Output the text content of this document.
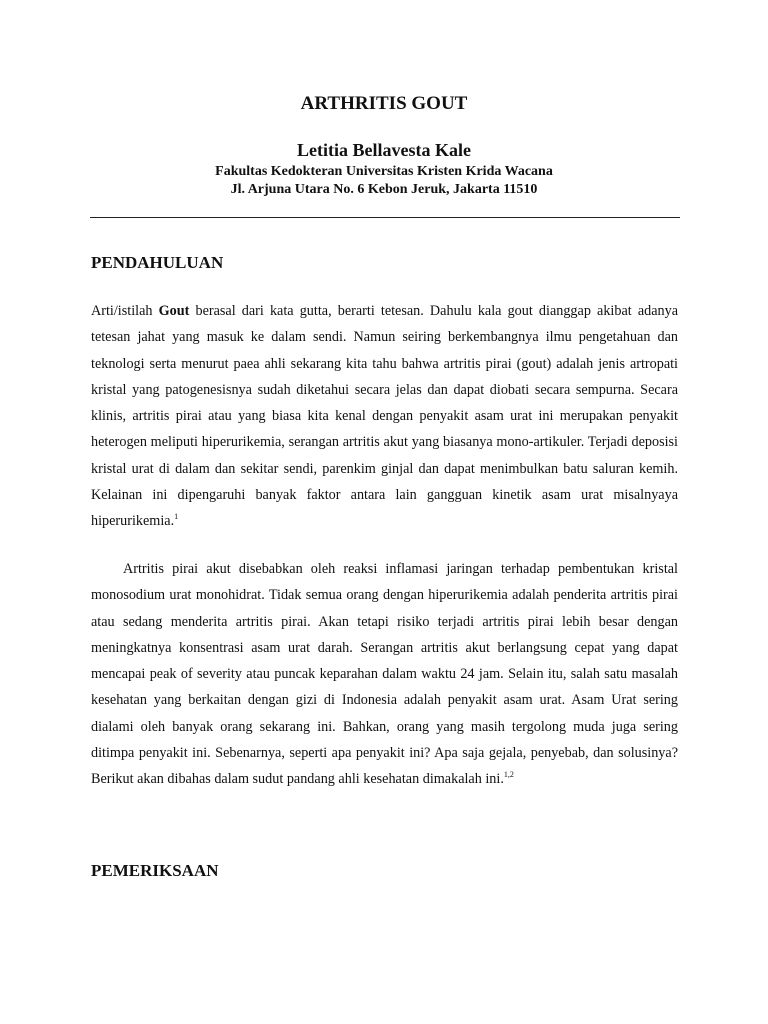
ARTHRITIS GOUT
Letitia Bellavesta Kale

Fakultas Kedokteran Universitas Kristen Krida Wacana

Jl. Arjuna Utara No. 6 Kebon Jeruk, Jakarta 11510

PENDAHULUAN

Arti/istilah Gout berasal dari kata gutta, berarti tetesan. Dahulu kala gout dianggap akibat adanya tetesan jahat yang masuk ke dalam sendi. Namun seiring berkembangnya ilmu pengetahuan dan teknologi serta menurut paea ahli sekarang kita tahu bahwa artritis pirai (gout) adalah jenis artropati kristal yang patogenesisnya sudah diketahui secara jelas dan dapat diobati secara sempurna. Secara klinis, artritis pirai atau yang biasa kita kenal dengan penyakit asam urat ini merupakan penyakit heterogen meliputi hiperurikemia, serangan artritis akut yang biasanya mono-artikuler. Terjadi deposisi kristal urat di dalam dan sekitar sendi, parenkim ginjal dan dapat menimbulkan batu saluran kemih. Kelainan ini dipengaruhi banyak faktor antara lain gangguan kinetik asam urat misalnyaya hiperurikemia.$^1$

Artritis pirai akut disebabkan oleh reaksi inflamasi jaringan terhadap pembentukan kristal monosodium urat monohidrat. Tidak semua orang dengan hiperurikemia adalah penderita artritis pirai atau sedang menderita artritis pirai. Akan tetapi risiko terjadi artritis pirai lebih besar dengan meningkatnya konsentrasi asam urat darah. Serangan artritis akut berlangsung cepat yang dapat mencapai peak of severity atau puncak keparahan dalam waktu 24 jam. Selain itu, salah satu masalah kesehatan yang berkaitan dengan gizi di Indonesia adalah penyakit asam urat. Asam Urat sering dialami oleh banyak orang sekarang ini. Bahkan, orang yang masih tergolong muda juga sering ditimpa penyakit ini. Sebenarnya, seperti apa penyakit ini? Apa saja gejala, penyebab, dan solusinya? Berikut akan dibahas dalam sudut pandang ahli kesehatan dimakalah ini.$^{1,2}$

PEMERIKSAAN
